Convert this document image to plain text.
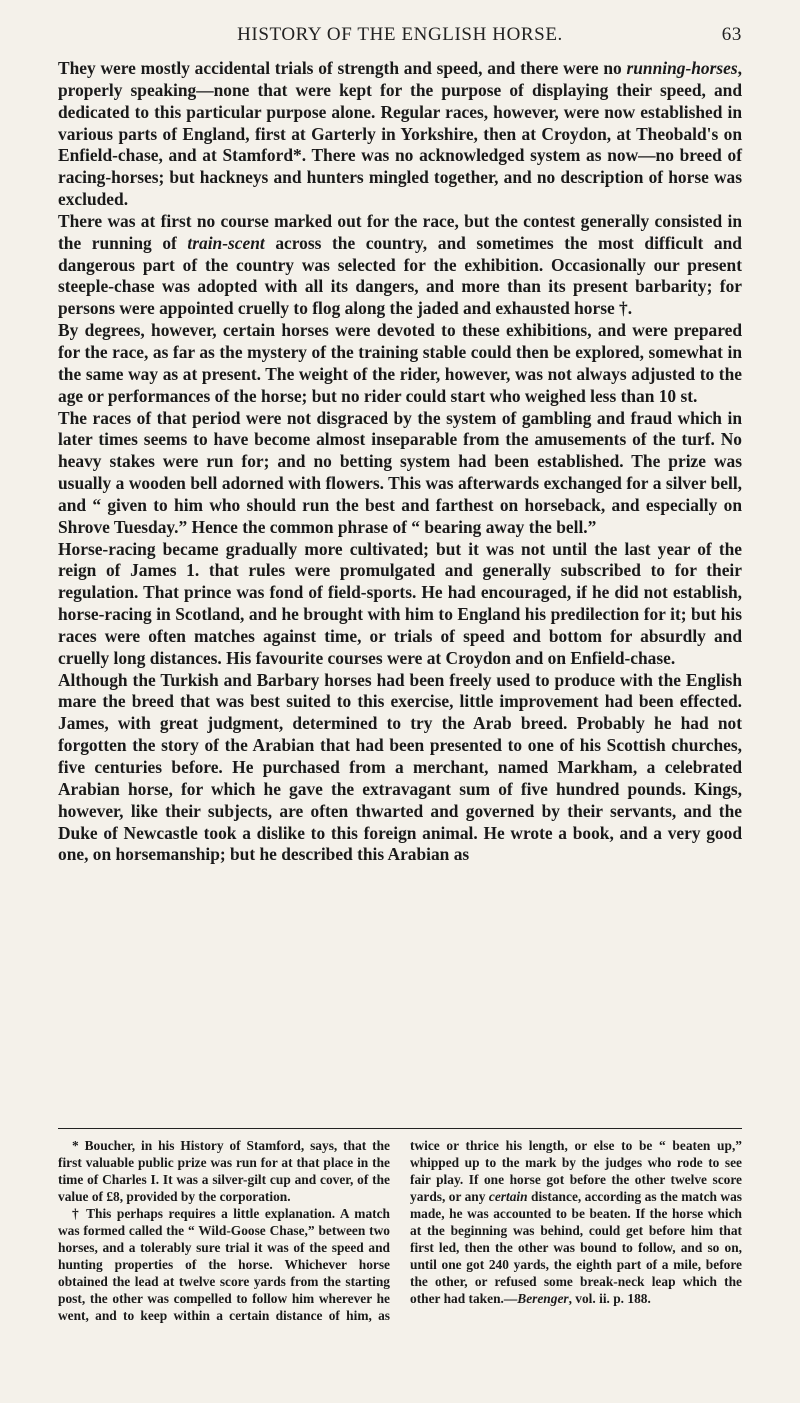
HISTORY OF THE ENGLISH HORSE.	63

They were mostly accidental trials of strength and speed, and there were no running-horses, properly speaking—none that were kept for the purpose of displaying their speed, and dedicated to this particular purpose alone. Regular races, however, were now established in various parts of England, first at Garterly in Yorkshire, then at Croydon, at Theobald's on Enfield-chase, and at Stamford*. There was no acknowledged system as now—no breed of racing-horses; but hackneys and hunters mingled together, and no description of horse was excluded.

There was at first no course marked out for the race, but the contest generally consisted in the running of train-scent across the country, and sometimes the most difficult and dangerous part of the country was selected for the exhibition. Occasionally our present steeple-chase was adopted with all its dangers, and more than its present barbarity; for persons were appointed cruelly to flog along the jaded and exhausted horse †.

By degrees, however, certain horses were devoted to these exhibitions, and were prepared for the race, as far as the mystery of the training stable could then be explored, somewhat in the same way as at present. The weight of the rider, however, was not always adjusted to the age or performances of the horse; but no rider could start who weighed less than 10 st.

The races of that period were not disgraced by the system of gambling and fraud which in later times seems to have become almost inseparable from the amusements of the turf. No heavy stakes were run for; and no betting system had been established. The prize was usually a wooden bell adorned with flowers. This was afterwards exchanged for a silver bell, and “ given to him who should run the best and farthest on horseback, and especially on Shrove Tuesday.” Hence the common phrase of “ bearing away the bell.”

Horse-racing became gradually more cultivated; but it was not until the last year of the reign of James 1. that rules were promulgated and generally subscribed to for their regulation. That prince was fond of field-sports. He had encouraged, if he did not establish, horse-racing in Scotland, and he brought with him to England his predilection for it; but his races were often matches against time, or trials of speed and bottom for absurdly and cruelly long distances. His favourite courses were at Croydon and on Enfield-chase.

Although the Turkish and Barbary horses had been freely used to produce with the English mare the breed that was best suited to this exercise, little improvement had been effected. James, with great judgment, determined to try the Arab breed. Probably he had not forgotten the story of the Arabian that had been presented to one of his Scottish churches, five centuries before. He purchased from a merchant, named Markham, a celebrated Arabian horse, for which he gave the extravagant sum of five hundred pounds. Kings, however, like their subjects, are often thwarted and governed by their servants, and the Duke of Newcastle took a dislike to this foreign animal. He wrote a book, and a very good one, on horsemanship; but he described this Arabian as

* Boucher, in his History of Stamford, says, that the first valuable public prize was run for at that place in the time of Charles I. It was a silver-gilt cup and cover, of the value of £8, provided by the corporation.

† This perhaps requires a little explanation. A match was formed called the “ Wild-Goose Chase,” between two horses, and a tolerably sure trial it was of the speed and hunting properties of the horse. Whichever horse obtained the lead at twelve score yards from the starting post, the other was compelled to follow him wherever he went, and to keep within a certain distance of him, as twice or thrice his length, or else to be “ beaten up,” whipped up to the mark by the judges who rode to see fair play. If one horse got before the other twelve score yards, or any certain distance, according as the match was made, he was accounted to be beaten. If the horse which at the beginning was behind, could get before him that first led, then the other was bound to follow, and so on, until one got 240 yards, the eighth part of a mile, before the other, or refused some break-neck leap which the other had taken.—Berenger, vol. ii. p. 188.
